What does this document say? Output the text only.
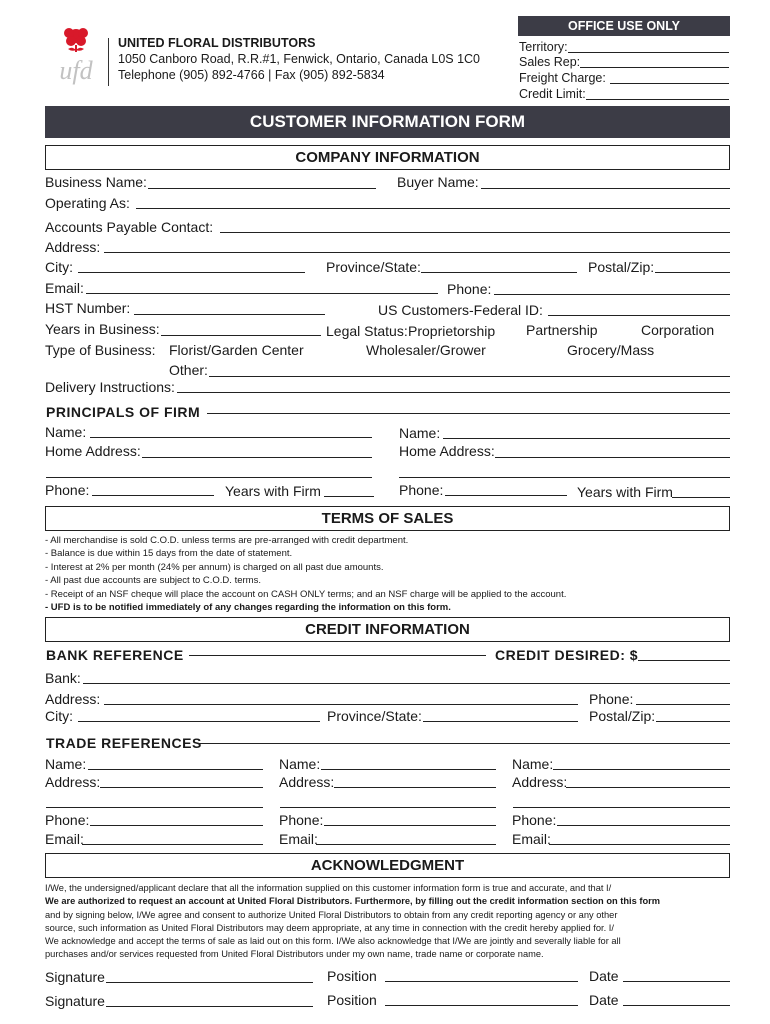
ufd
UNITED FLORAL DISTRIBUTORS
1050 Canboro Road, R.R.#1, Fenwick, Ontario, Canada L0S 1C0
Telephone (905) 892-4766 | Fax (905) 892-5834
OFFICE USE ONLY
Territory:
Sales Rep:
Freight Charge:
Credit Limit:
CUSTOMER INFORMATION FORM
COMPANY INFORMATION
Business Name:	Buyer Name:
Operating As:
Accounts Payable Contact:
Address:
City:	Province/State:	Postal/Zip:
Email:	Phone:
HST Number:	US Customers-Federal ID:
Years in Business:	Legal Status: Proprietorship Partnership	Corporation
Type of Business: Florist/Garden Center	Wholesaler/Grower	Grocery/Mass
Other:
Delivery Instructions:
PRINCIPALS OF FIRM
Name:	Name:
Home Address:	Home Address:
Phone:	Years with Firm	Phone:	Years with Firm
TERMS OF SALES
- All merchandise is sold C.O.D. unless terms are pre-arranged with credit department.
- Balance is due within 15 days from the date of statement.
- Interest at 2% per month (24% per annum) is charged on all past due amounts.
- All past due accounts are subject to C.O.D. terms.
- Receipt of an NSF cheque will place the account on CASH ONLY terms; and an NSF charge will be applied to the account.
- UFD is to be notified immediately of any changes regarding the information on this form.
CREDIT INFORMATION
BANK REFERENCE	CREDIT DESIRED: $
Bank:
Address:	Phone:
City:	Province/State:	Postal/Zip:
TRADE REFERENCES
Name:
Address:
Phone:
Email:
Name:
Address:
Phone:
Email:
Name:
Address:
Phone:
Email:
ACKNOWLEDGMENT
I/We, the undersigned/applicant declare that all the information supplied on this customer information form is true and accurate, and that I/
We are authorized to request an account at United Floral Distributors. Furthermore, by filling out the credit information section on this form
and by signing below, I/We agree and consent to authorize United Floral Distributors to obtain from any credit reporting agency or any other
source, such information as United Floral Distributors may deem appropriate, at any time in connection with the credit hereby applied for. I/
We acknowledge and accept the terms of sale as laid out on this form. I/We also acknowledge that I/We are jointly and severally liable for all
purchases and/or services requested from United Floral Distributors under my own name, trade name or corporate name.
Signature	Position	Date
Signature	Position	Date
